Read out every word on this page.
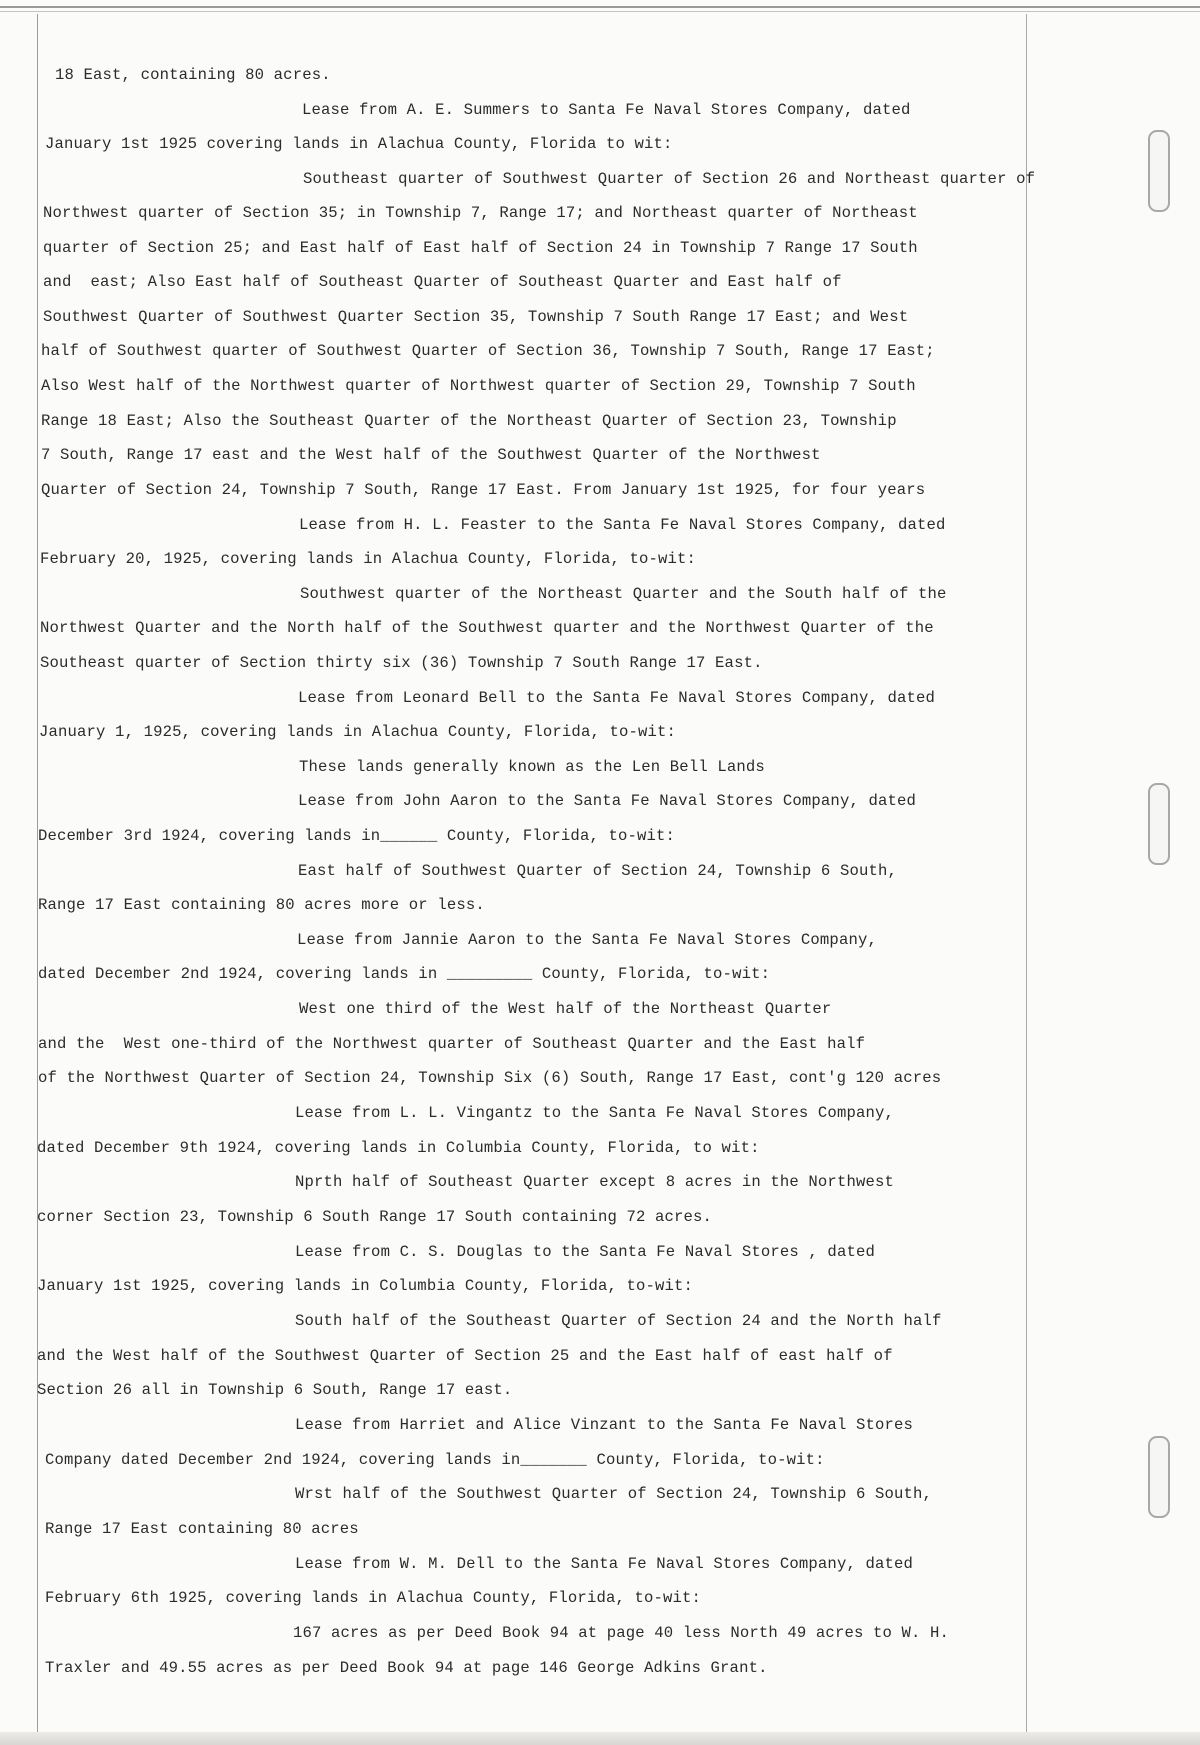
18 East, containing 80 acres.
Lease from A. E. Summers to Santa Fe Naval Stores Company, dated
January 1st 1925 covering lands in Alachua County, Florida to wit:
Southeast quarter of Southwest Quarter of Section 26 and Northeast quarter of
Northwest quarter of Section 35; in Township 7, Range 17; and Northeast quarter of Northeast
quarter of Section 25; and East half of East half of Section 24 in Township 7 Range 17 South
and  east; Also East half of Southeast Quarter of Southeast Quarter and East half of
Southwest Quarter of Southwest Quarter Section 35, Township 7 South Range 17 East; and West
half of Southwest quarter of Southwest Quarter of Section 36, Township 7 South, Range 17 East;
Also West half of the Northwest quarter of Northwest quarter of Section 29, Township 7 South
Range 18 East; Also the Southeast Quarter of the Northeast Quarter of Section 23, Township
7 South, Range 17 east and the West half of the Southwest Quarter of the Northwest
Quarter of Section 24, Township 7 South, Range 17 East. From January 1st 1925, for four years
Lease from H. L. Feaster to the Santa Fe Naval Stores Company, dated
February 20, 1925, covering lands in Alachua County, Florida, to-wit:
Southwest quarter of the Northeast Quarter and the South half of the
Northwest Quarter and the North half of the Southwest quarter and the Northwest Quarter of the
Southeast quarter of Section thirty six (36) Township 7 South Range 17 East.
Lease from Leonard Bell to the Santa Fe Naval Stores Company, dated
January 1, 1925, covering lands in Alachua County, Florida, to-wit:
These lands generally known as the Len Bell Lands
Lease from John Aaron to the Santa Fe Naval Stores Company, dated
December 3rd 1924, covering lands in______ County, Florida, to-wit:
East half of Southwest Quarter of Section 24, Township 6 South,
Range 17 East containing 80 acres more or less.
Lease from Jannie Aaron to the Santa Fe Naval Stores Company,
dated December 2nd 1924, covering lands in _________ County, Florida, to-wit:
West one third of the West half of the Northeast Quarter
and the  West one-third of the Northwest quarter of Southeast Quarter and the East half
of the Northwest Quarter of Section 24, Township Six (6) South, Range 17 East, cont'g 120 acres
Lease from L. L. Vingantz to the Santa Fe Naval Stores Company,
dated December 9th 1924, covering lands in Columbia County, Florida, to wit:
Nprth half of Southeast Quarter except 8 acres in the Northwest
corner Section 23, Township 6 South Range 17 South containing 72 acres.
Lease from C. S. Douglas to the Santa Fe Naval Stores , dated
January 1st 1925, covering lands in Columbia County, Florida, to-wit:
South half of the Southeast Quarter of Section 24 and the North half
and the West half of the Southwest Quarter of Section 25 and the East half of east half of
Section 26 all in Township 6 South, Range 17 east.
Lease from Harriet and Alice Vinzant to the Santa Fe Naval Stores
Company dated December 2nd 1924, covering lands in_______ County, Florida, to-wit:
Wrst half of the Southwest Quarter of Section 24, Township 6 South,
Range 17 East containing 80 acres
Lease from W. M. Dell to the Santa Fe Naval Stores Company, dated
February 6th 1925, covering lands in Alachua County, Florida, to-wit:
167 acres as per Deed Book 94 at page 40 less North 49 acres to W. H.
Traxler and 49.55 acres as per Deed Book 94 at page 146 George Adkins Grant.
